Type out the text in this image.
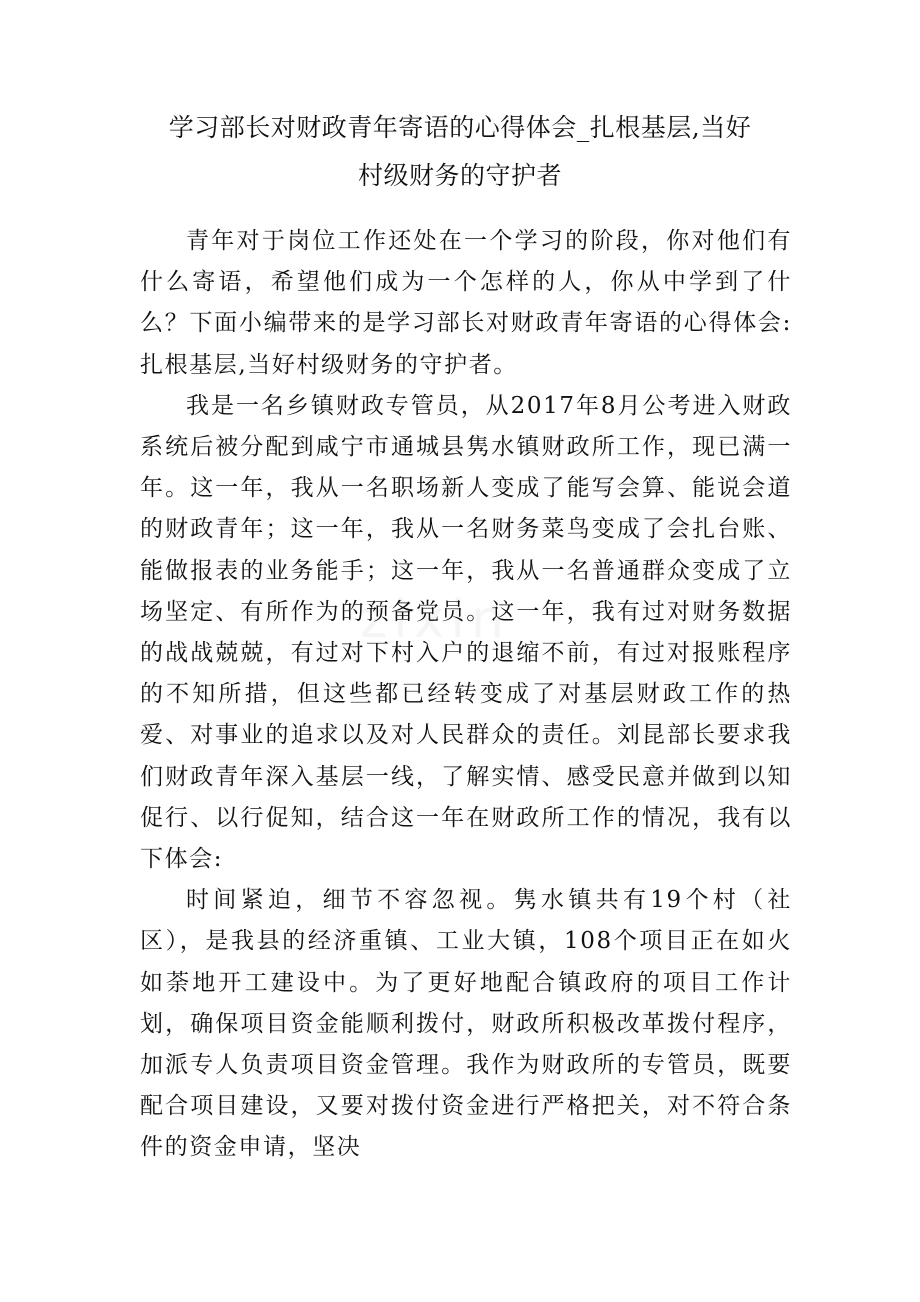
学习部长对财政青年寄语的心得体会_扎根基层,当好
村级财务的守护者

青年对于岗位工作还处在一个学习的阶段，你对他们有什么寄语，希望他们成为一个怎样的人，你从中学到了什么？下面小编带来的是学习部长对财政青年寄语的心得体会:扎根基层,当好村级财务的守护者。

我是一名乡镇财政专管员，从2017年8月公考进入财政系统后被分配到咸宁市通城县隽水镇财政所工作，现已满一年。这一年，我从一名职场新人变成了能写会算、能说会道的财政青年；这一年，我从一名财务菜鸟变成了会扎台账、能做报表的业务能手；这一年，我从一名普通群众变成了立场坚定、有所作为的预备党员。这一年，我有过对财务数据的战战兢兢，有过对下村入户的退缩不前，有过对报账程序的不知所措，但这些都已经转变成了对基层财政工作的热爱、对事业的追求以及对人民群众的责任。刘昆部长要求我们财政青年深入基层一线，了解实情、感受民意并做到以知促行、以行促知，结合这一年在财政所工作的情况，我有以下体会:

时间紧迫，细节不容忽视。隽水镇共有19个村（社区），是我县的经济重镇、工业大镇，108个项目正在如火如荼地开工建设中。为了更好地配合镇政府的项目工作计划，确保项目资金能顺利拨付，财政所积极改革拨付程序，加派专人负责项目资金管理。我作为财政所的专管员，既要配合项目建设，又要对拨付资金进行严格把关，对不符合条件的资金申请，坚决
